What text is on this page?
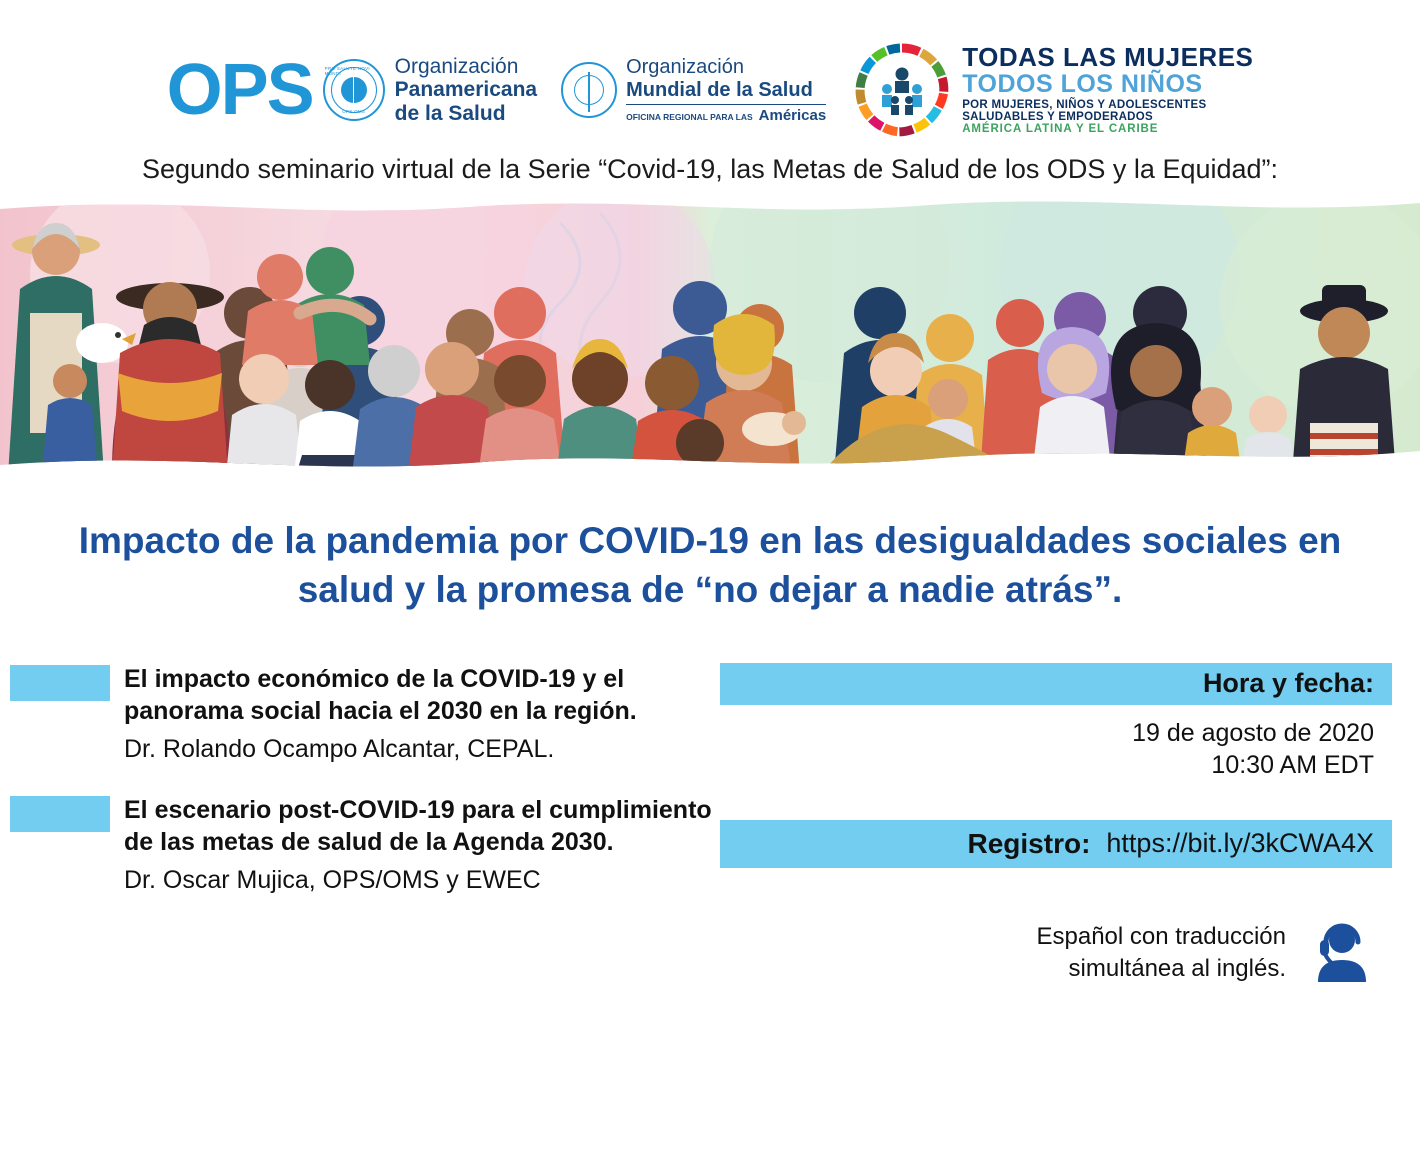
OPS	PRO SALUTE NOVI MUNDI
OPS OMS
Organización
Panamericana
de la Salud
Organización
Mundial de la Salud
OFICINA REGIONAL PARA LAS Américas
TODAS LAS MUJERES
TODOS LOS NIÑOS
POR MUJERES, NIÑOS Y ADOLESCENTES
SALUDABLES Y EMPODERADOS
AMÉRICA LATINA Y EL CARIBE
Segundo seminario virtual de la Serie “Covid-19, las Metas de Salud de los ODS y la Equidad”:
Impacto de la pandemia por COVID-19 en las desigualdades sociales en salud y la promesa de “no dejar a nadie atrás”.
El impacto económico de la COVID-19 y el panorama social hacia el 2030 en la región.
Dr. Rolando Ocampo Alcantar, CEPAL.
El escenario post-COVID-19 para el cumplimiento de las metas de salud de la Agenda 2030.
Dr. Oscar Mujica, OPS/OMS y EWEC
Hora y fecha:
19 de agosto de 2020
10:30 AM EDT
Registro: https://bit.ly/3kCWA4X
Español con traducción
simultánea al inglés.
